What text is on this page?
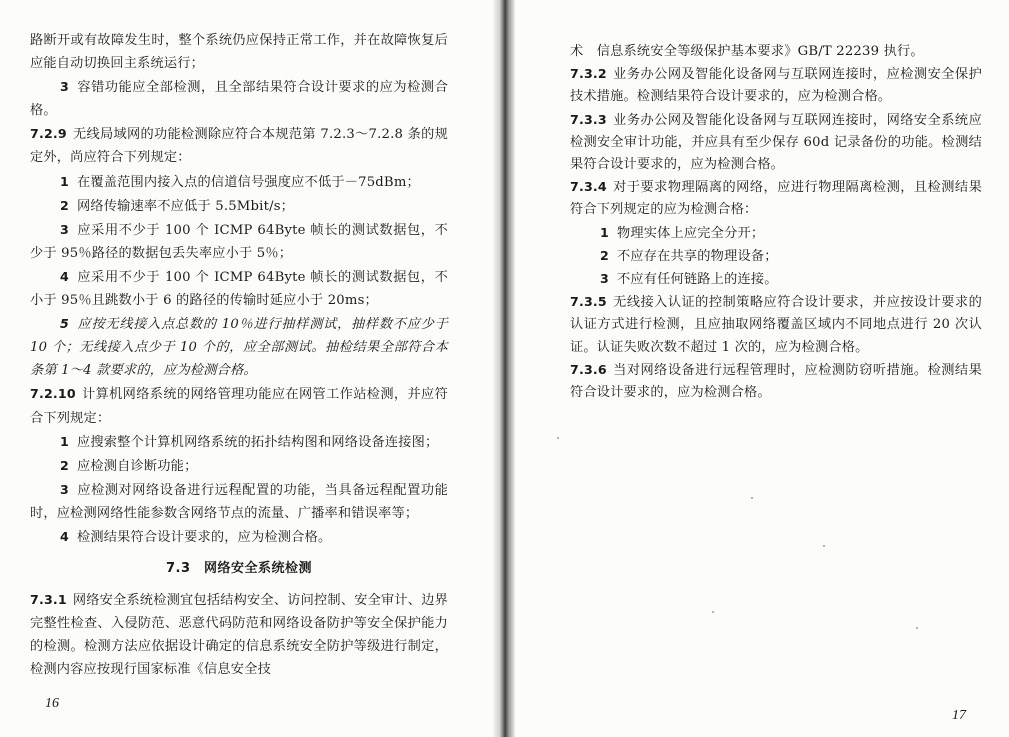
路断开或有故障发生时，整个系统仍应保持正常工作，并在故障恢复后应能自动切换回主系统运行；

3 容错功能应全部检测，且全部结果符合设计要求的应为检测合格。

7.2.9 无线局域网的功能检测除应符合本规范第 7.2.3～7.2.8 条的规定外，尚应符合下列规定：

1 在覆盖范围内接入点的信道信号强度应不低于－75dBm；

2 网络传输速率不应低于 5.5Mbit/s；

3 应采用不少于 100 个 ICMP 64Byte 帧长的测试数据包，不少于 95％路径的数据包丢失率应小于 5％；

4 应采用不少于 100 个 ICMP 64Byte 帧长的测试数据包，不小于 95％且跳数小于 6 的路径的传输时延应小于 20ms；

5 应按无线接入点总数的 10％进行抽样测试，抽样数不应少于 10 个；无线接入点少于 10 个的，应全部测试。抽检结果全部符合本条第 1～4 款要求的，应为检测合格。

7.2.10 计算机网络系统的网络管理功能应在网管工作站检测，并应符合下列规定：

1 应搜索整个计算机网络系统的拓扑结构图和网络设备连接图；

2 应检测自诊断功能；

3 应检测对网络设备进行远程配置的功能，当具备远程配置功能时，应检测网络性能参数含网络节点的流量、广播率和错误率等；

4 检测结果符合设计要求的，应为检测合格。

7.3　网络安全系统检测

7.3.1 网络安全系统检测宜包括结构安全、访问控制、安全审计、边界完整性检查、入侵防范、恶意代码防范和网络设备防护等安全保护能力的检测。检测方法应依据设计确定的信息系统安全防护等级进行制定，检测内容应按现行国家标准《信息安全技

16

术　信息系统安全等级保护基本要求》GB/T 22239 执行。

7.3.2 业务办公网及智能化设备网与互联网连接时，应检测安全保护技术措施。检测结果符合设计要求的，应为检测合格。

7.3.3 业务办公网及智能化设备网与互联网连接时，网络安全系统应检测安全审计功能，并应具有至少保存 60d 记录备份的功能。检测结果符合设计要求的，应为检测合格。

7.3.4 对于要求物理隔离的网络，应进行物理隔离检测，且检测结果符合下列规定的应为检测合格：

1 物理实体上应完全分开；

2 不应存在共享的物理设备；

3 不应有任何链路上的连接。

7.3.5 无线接入认证的控制策略应符合设计要求，并应按设计要求的认证方式进行检测，且应抽取网络覆盖区域内不同地点进行 20 次认证。认证失败次数不超过 1 次的，应为检测合格。

7.3.6 当对网络设备进行远程管理时，应检测防窃听措施。检测结果符合设计要求的，应为检测合格。

17
